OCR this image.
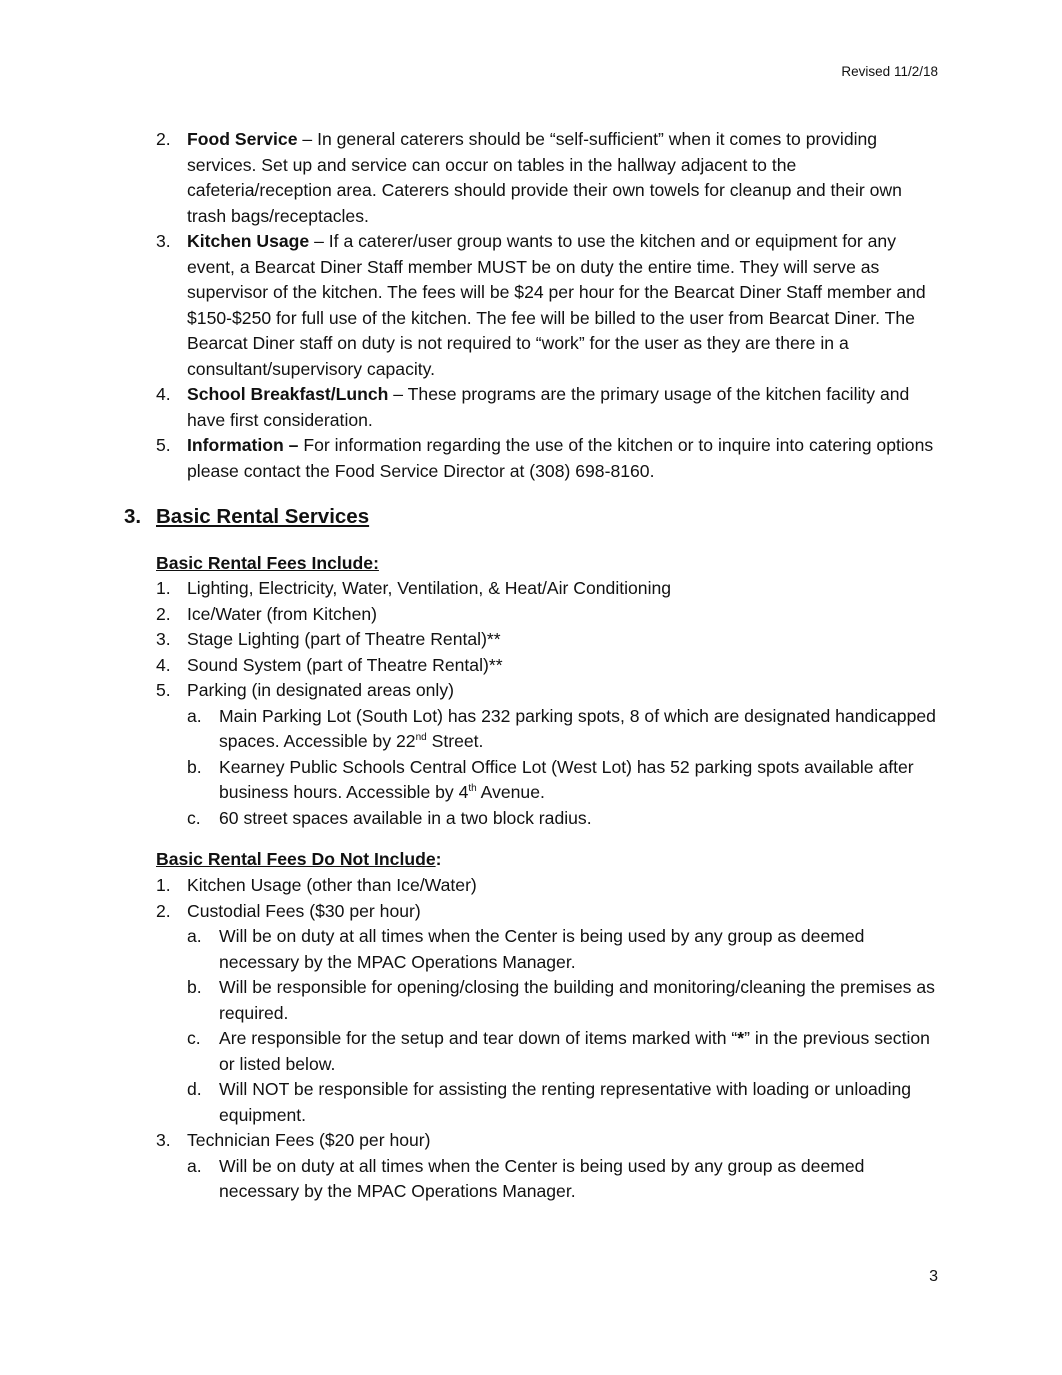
Revised 11/2/18
2. Food Service – In general caterers should be “self-sufficient” when it comes to providing services. Set up and service can occur on tables in the hallway adjacent to the cafeteria/reception area. Caterers should provide their own towels for cleanup and their own trash bags/receptacles.
3. Kitchen Usage – If a caterer/user group wants to use the kitchen and or equipment for any event, a Bearcat Diner Staff member MUST be on duty the entire time. They will serve as supervisor of the kitchen. The fees will be $24 per hour for the Bearcat Diner Staff member and $150-$250 for full use of the kitchen. The fee will be billed to the user from Bearcat Diner. The Bearcat Diner staff on duty is not required to “work” for the user as they are there in a consultant/supervisory capacity.
4. School Breakfast/Lunch – These programs are the primary usage of the kitchen facility and have first consideration.
5. Information – For information regarding the use of the kitchen or to inquire into catering options please contact the Food Service Director at (308) 698-8160.
3. Basic Rental Services
Basic Rental Fees Include:
1. Lighting, Electricity, Water, Ventilation, & Heat/Air Conditioning
2. Ice/Water (from Kitchen)
3. Stage Lighting (part of Theatre Rental)**
4. Sound System (part of Theatre Rental)**
5. Parking (in designated areas only)
a. Main Parking Lot (South Lot) has 232 parking spots, 8 of which are designated handicapped spaces. Accessible by 22nd Street.
b. Kearney Public Schools Central Office Lot (West Lot) has 52 parking spots available after business hours. Accessible by 4th Avenue.
c. 60 street spaces available in a two block radius.
Basic Rental Fees Do Not Include:
1. Kitchen Usage (other than Ice/Water)
2. Custodial Fees ($30 per hour)
a. Will be on duty at all times when the Center is being used by any group as deemed necessary by the MPAC Operations Manager.
b. Will be responsible for opening/closing the building and monitoring/cleaning the premises as required.
c. Are responsible for the setup and tear down of items marked with “*” in the previous section or listed below.
d. Will NOT be responsible for assisting the renting representative with loading or unloading equipment.
3. Technician Fees ($20 per hour)
a. Will be on duty at all times when the Center is being used by any group as deemed necessary by the MPAC Operations Manager.
3
